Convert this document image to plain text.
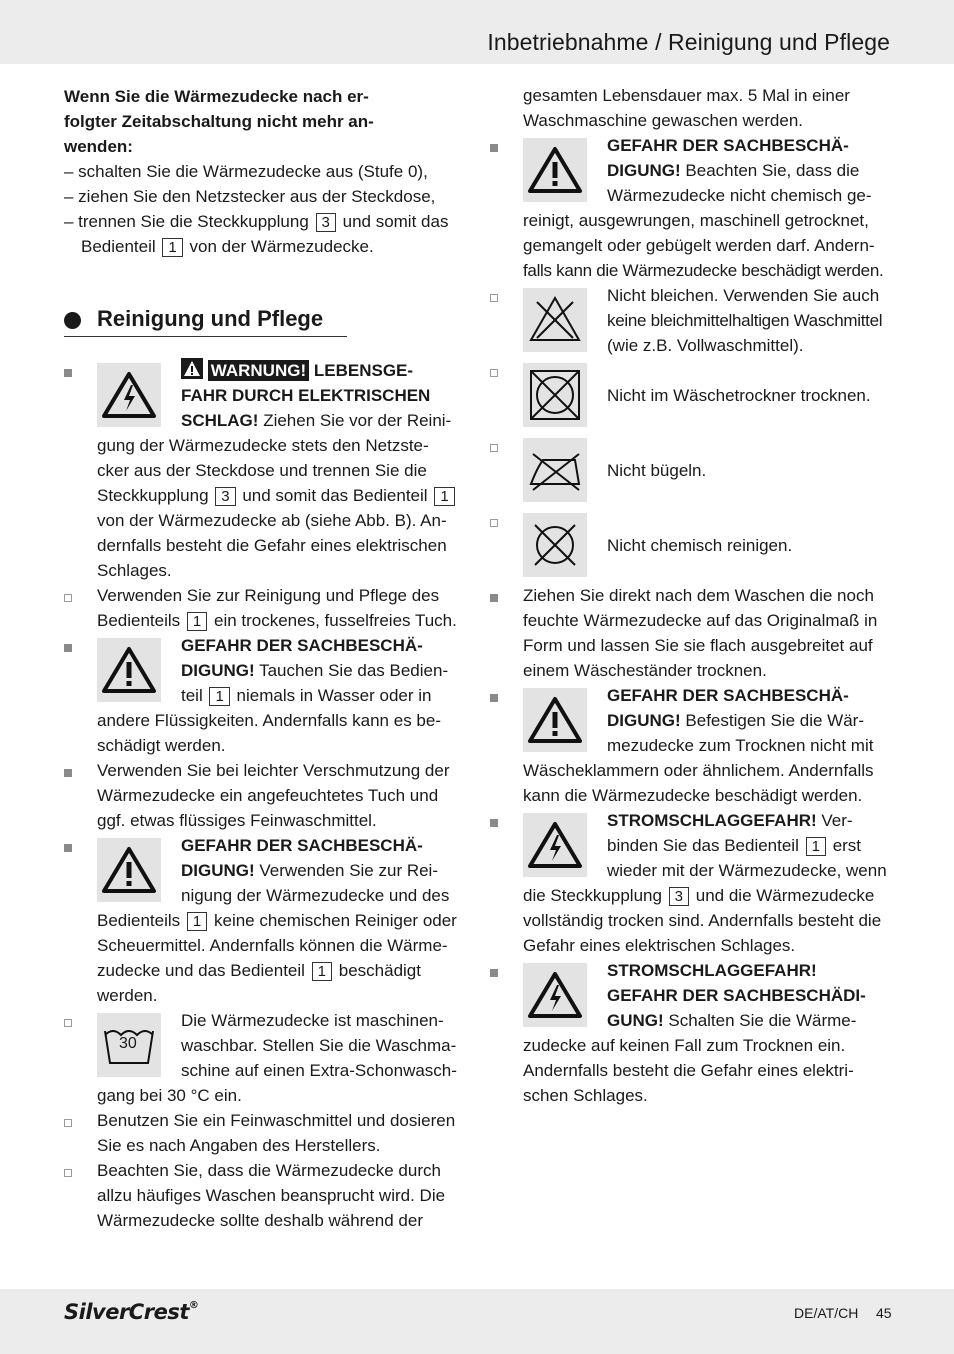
Inbetriebnahme / Reinigung und Pflege
Wenn Sie die Wärmezudecke nach er-
folgter Zeitabschaltung nicht mehr an-
wenden:
– schalten Sie die Wärmezudecke aus (Stufe 0),
– ziehen Sie den Netzstecker aus der Steckdose,
– trennen Sie die Steckkupplung 3 und somit das
Bedienteil 1 von der Wärmezudecke.
Reinigung und Pflege
WARNUNG! LEBENSGE-
FAHR DURCH ELEKTRISCHEN
SCHLAG! Ziehen Sie vor der Reini-
gung der Wärmezudecke stets den Netzste-
cker aus der Steckdose und trennen Sie die
Steckkupplung 3 und somit das Bedienteil 1
von der Wärmezudecke ab (siehe Abb. B). An-
dernfalls besteht die Gefahr eines elektrischen
Schlages.
Verwenden Sie zur Reinigung und Pflege des
Bedienteils 1 ein trockenes, fusselfreies Tuch.
GEFAHR DER SACHBESCHÄ-
DIGUNG! Tauchen Sie das Bedien-
teil 1 niemals in Wasser oder in
andere Flüssigkeiten. Andernfalls kann es be-
schädigt werden.
Verwenden Sie bei leichter Verschmutzung der
Wärmezudecke ein angefeuchtetes Tuch und
ggf. etwas flüssiges Feinwaschmittel.
GEFAHR DER SACHBESCHÄ-
DIGUNG! Verwenden Sie zur Rei-
nigung der Wärmezudecke und des
Bedienteils 1 keine chemischen Reiniger oder
Scheuermittel. Andernfalls können die Wärme-
zudecke und das Bedienteil 1 beschädigt
werden.
30
Die Wärmezudecke ist maschinen-
waschbar. Stellen Sie die Waschma-
schine auf einen Extra-Schonwasch-
gang bei 30 °C ein.
Benutzen Sie ein Feinwaschmittel und dosieren
Sie es nach Angaben des Herstellers.
Beachten Sie, dass die Wärmezudecke durch
allzu häufiges Waschen beansprucht wird. Die
Wärmezudecke sollte deshalb während der
gesamten Lebensdauer max. 5 Mal in einer
Waschmaschine gewaschen werden.
GEFAHR DER SACHBESCHÄ-
DIGUNG! Beachten Sie, dass die
Wärmezudecke nicht chemisch ge-
reinigt, ausgewrungen, maschinell getrocknet,
gemangelt oder gebügelt werden darf. Andern-
falls kann die Wärmezudecke beschädigt werden.
Nicht bleichen. Verwenden Sie auch
keine bleichmittelhaltigen Waschmittel
(wie z.B. Vollwaschmittel).
Nicht im Wäschetrockner trocknen.
Nicht bügeln.
Nicht chemisch reinigen.
Ziehen Sie direkt nach dem Waschen die noch
feuchte Wärmezudecke auf das Originalmaß in
Form und lassen Sie sie flach ausgebreitet auf
einem Wäscheständer trocknen.
GEFAHR DER SACHBESCHÄ-
DIGUNG! Befestigen Sie die Wär-
mezudecke zum Trocknen nicht mit
Wäscheklammern oder ähnlichem. Andernfalls
kann die Wärmezudecke beschädigt werden.
STROMSCHLAGGEFAHR! Ver-
binden Sie das Bedienteil 1 erst
wieder mit der Wärmezudecke, wenn
die Steckkupplung 3 und die Wärmezudecke
vollständig trocken sind. Andernfalls besteht die
Gefahr eines elektrischen Schlages.
STROMSCHLAGGEFAHR!
GEFAHR DER SACHBESCHÄDI-
GUNG! Schalten Sie die Wärme-
zudecke auf keinen Fall zum Trocknen ein.
Andernfalls besteht die Gefahr eines elektri-
schen Schlages.
SilverCrest®	DE/AT/CH 45
